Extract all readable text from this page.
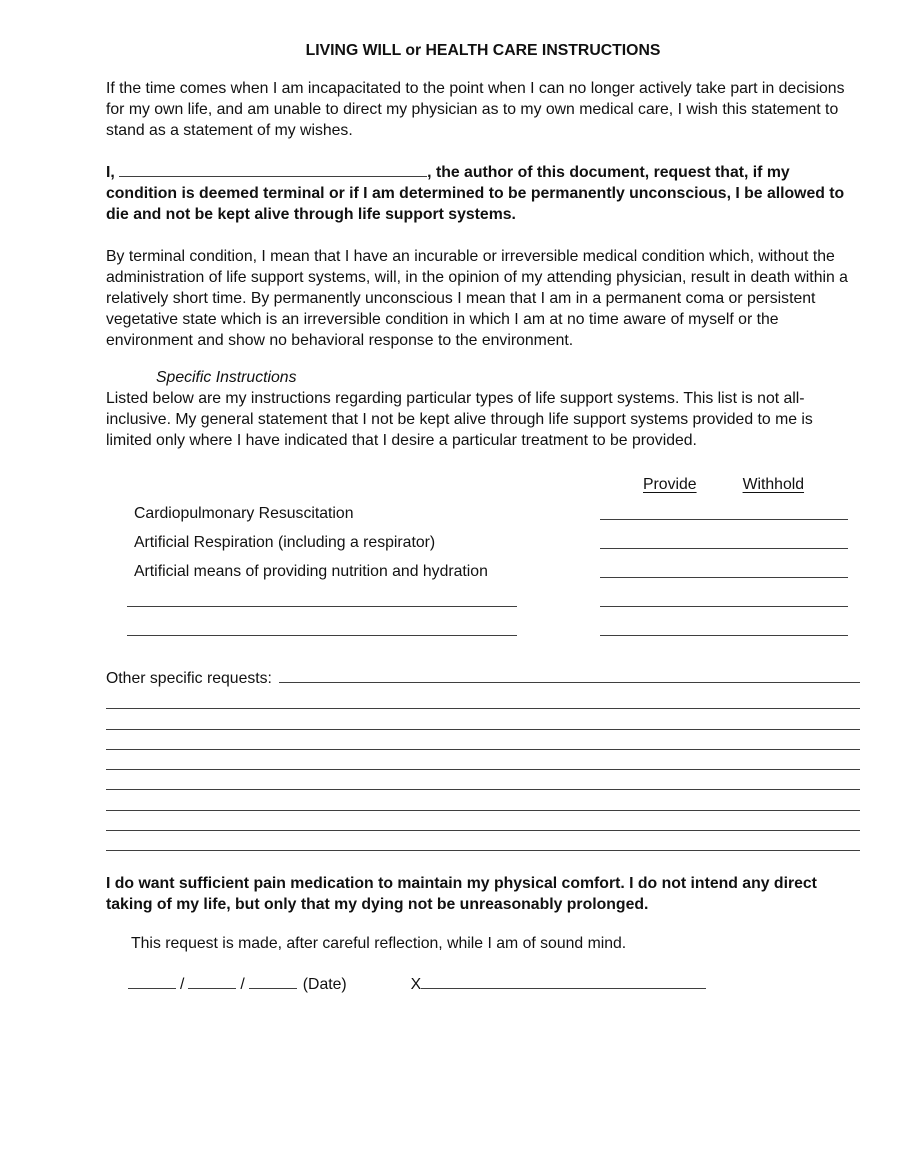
LIVING WILL or HEALTH CARE INSTRUCTIONS

If the time comes when I am incapacitated to the point when I can no longer actively take part in decisions for my own life, and am unable to direct my physician as to my own medical care, I wish this statement to stand as a statement of my wishes.

I,	, the author of this document, request that, if my condition is deemed terminal or if I am determined to be permanently unconscious, I be allowed to die and not be kept alive through life support systems.

By terminal condition, I mean that I have an incurable or irreversible medical condition which, without the administration of life support systems, will, in the opinion of my attending physician, result in death within a relatively short time. By permanently unconscious I mean that I am in a permanent coma or persistent vegetative state which is an irreversible condition in which I am at no time aware of myself or the environment and show no behavioral response to the environment.

Specific Instructions

Listed below are my instructions regarding particular types of life support systems. This list is not all-inclusive. My general statement that I not be kept alive through life support systems provided to me is limited only where I have indicated that I desire a particular treatment to be provided.

Provide	Withhold
Cardiopulmonary Resuscitation
Artificial Respiration (including a respirator)
Artificial means of providing nutrition and hydration
Other specific requests:

I do want sufficient pain medication to maintain my physical comfort. I do not intend any direct taking of my life, but only that my dying not be unreasonably prolonged.

This request is made, after careful reflection, while I am of sound mind.

/	/	(Date)	X
